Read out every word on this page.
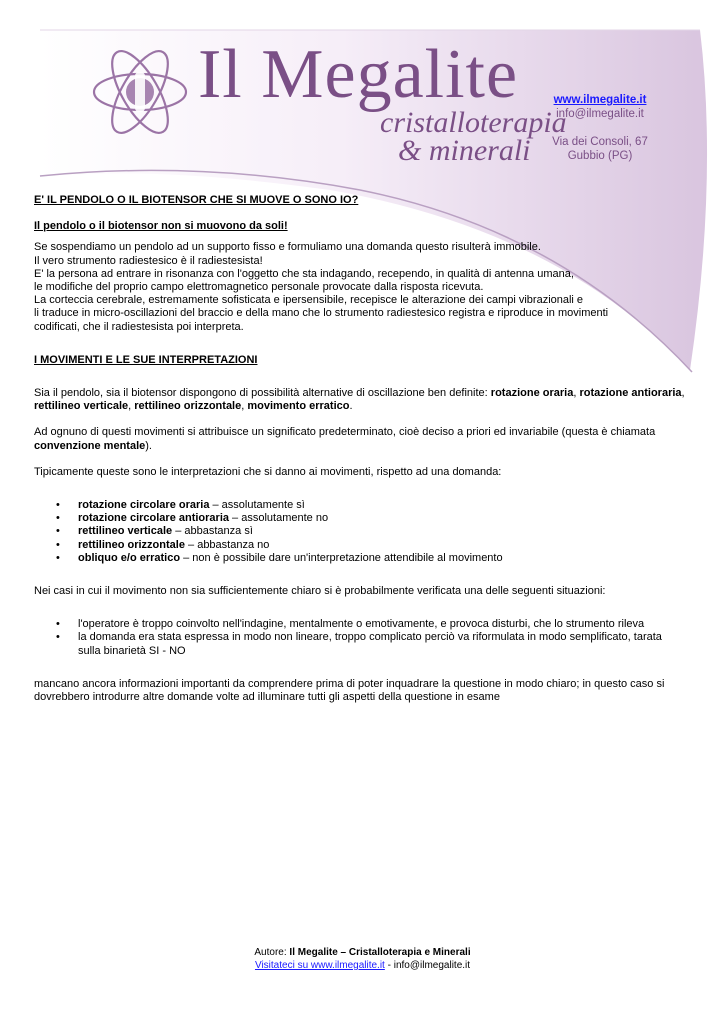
Il Megalite
cristalloterapia
& minerali
www.ilmegalite.it
info@ilmegalite.it
Via dei Consoli, 67
Gubbio (PG)

E' IL PENDOLO O IL BIOTENSOR CHE SI MUOVE O SONO IO?

Il pendolo o il biotensor non si muovono da soli!

Se sospendiamo un pendolo ad un supporto fisso e formuliamo una domanda questo risulterà immobile.

Il vero strumento radiestesico è il radiestesista!

E' la persona ad entrare in risonanza con l'oggetto che sta indagando, recependo, in qualità di antenna umana,

le modifiche del proprio campo elettromagnetico personale provocate dalla risposta ricevuta.

La corteccia cerebrale, estremamente sofisticata e ipersensibile, recepisce le alterazione dei campi vibrazionali e

li traduce in micro-oscillazioni del braccio e della mano che lo strumento radiestesico registra e riproduce in movimenti

codificati, che il radiestesista poi interpreta.

I MOVIMENTI E LE SUE INTERPRETAZIONI

Sia il pendolo, sia il biotensor dispongono di possibilità alternative di oscillazione ben definite: rotazione oraria, rotazione antioraria, rettilineo verticale, rettilineo orizzontale, movimento erratico.

Ad ognuno di questi movimenti si attribuisce un significato predeterminato, cioè deciso a priori ed invariabile (questa è chiamata convenzione mentale).

Tipicamente queste sono le interpretazioni che si danno ai movimenti, rispetto ad una domanda:

• rotazione circolare oraria – assolutamente sì
• rotazione circolare antioraria – assolutamente no
• rettilineo verticale – abbastanza sì
• rettilineo orizzontale – abbastanza no
• obliquo e/o erratico – non è possibile dare un'interpretazione attendibile al movimento

Nei casi in cui il movimento non sia sufficientemente chiaro si è probabilmente verificata una delle seguenti situazioni:

• l'operatore è troppo coinvolto nell'indagine, mentalmente o emotivamente, e provoca disturbi, che lo strumento rileva
• la domanda era stata espressa in modo non lineare, troppo complicato perciò va riformulata in modo semplificato, tarata sulla binarietà SI - NO

mancano ancora informazioni importanti da comprendere prima di poter inquadrare la questione in modo chiaro; in questo caso si dovrebbero introdurre altre domande volte ad illuminare tutti gli aspetti della questione in esame

Autore: Il Megalite – Cristalloterapia e Minerali
Visitateci su www.ilmegalite.it - info@ilmegalite.it
